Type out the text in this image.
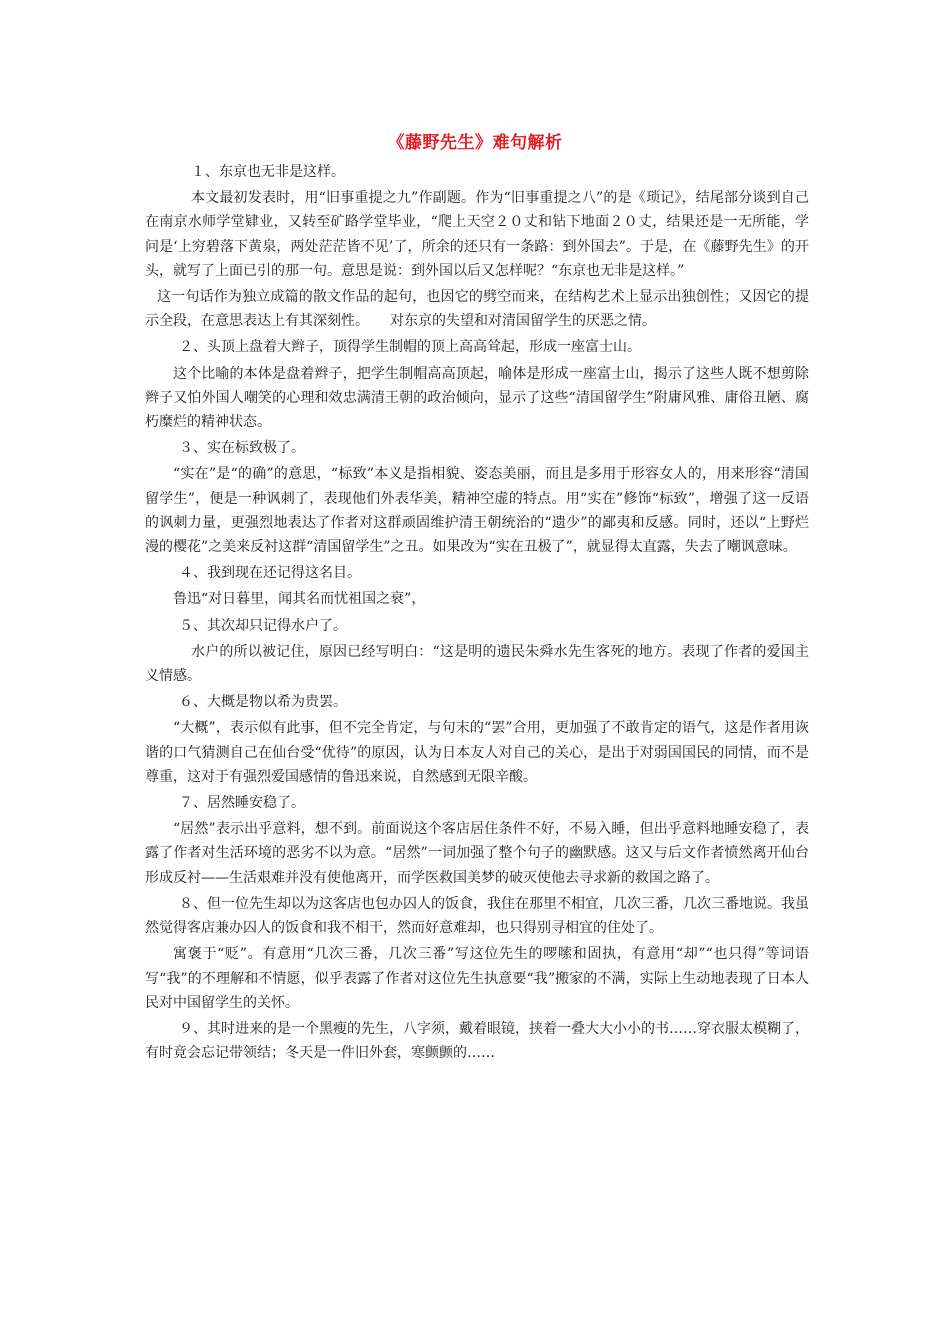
《藤野先生》难句解析

１、东京也无非是这样。

本文最初发表时，用“旧事重提之九”作副题。作为“旧事重提之八”的是《琐记》，结尾部分谈到自己在南京水师学堂肄业，又转至矿路学堂毕业，“爬上天空２０丈和钻下地面２０丈，结果还是一无所能，学问是‘上穷碧落下黄泉，两处茫茫皆不见’了，所余的还只有一条路：到外国去”。于是，在《藤野先生》的开头，就写了上面已引的那一句。意思是说：到外国以后又怎样呢？“东京也无非是这样。”

这一句话作为独立成篇的散文作品的起句，也因它的劈空而来，在结构艺术上显示出独创性；又因它的提示全段，在意思表达上有其深刻性。　　对东京的失望和对清国留学生的厌恶之情。

２、头顶上盘着大辫子，顶得学生制帽的顶上高高耸起，形成一座富士山。

这个比喻的本体是盘着辫子，把学生制帽高高顶起，喻体是形成一座富士山，揭示了这些人既不想剪除辫子又怕外国人嘲笑的心理和效忠满清王朝的政治倾向，显示了这些“清国留学生”附庸风雅、庸俗丑陋、腐朽糜烂的精神状态。

３、实在标致极了。

“实在”是“的确”的意思，“标致”本义是指相貌、姿态美丽，而且是多用于形容女人的，用来形容“清国留学生”，便是一种讽刺了，表现他们外表华美，精神空虚的特点。用“实在”修饰“标致”，增强了这一反语的讽刺力量，更强烈地表达了作者对这群顽固维护清王朝统治的“遗少”的鄙夷和反感。同时，还以“上野烂漫的樱花”之美来反衬这群“清国留学生”之丑。如果改为“实在丑极了”，就显得太直露，失去了嘲讽意味。

４、我到现在还记得这名目。

鲁迅“对日暮里，闻其名而忧祖国之衰”，

５、其次却只记得水户了。

水户的所以被记住，原因已经写明白：“这是明的遗民朱舜水先生客死的地方。表现了作者的爱国主义情感。

６、大概是物以希为贵罢。

“大概”，表示似有此事，但不完全肯定，与句末的“罢”合用，更加强了不敢肯定的语气，这是作者用诙谐的口气猜测自己在仙台受“优待”的原因，认为日本友人对自己的关心，是出于对弱国国民的同情，而不是尊重，这对于有强烈爱国感情的鲁迅来说，自然感到无限辛酸。

７、居然睡安稳了。

“居然”表示出乎意料，想不到。前面说这个客店居住条件不好，不易入睡，但出乎意料地睡安稳了，表露了作者对生活环境的恶劣不以为意。“居然”一词加强了整个句子的幽默感。这又与后文作者愤然离开仙台形成反衬——生活艰难并没有使他离开，而学医救国美梦的破灭使他去寻求新的救国之路了。

８、但一位先生却以为这客店也包办囚人的饭食，我住在那里不相宜，几次三番，几次三番地说。我虽然觉得客店兼办囚人的饭食和我不相干，然而好意难却，也只得别寻相宜的住处了。

寓褒于“贬”。有意用“几次三番，几次三番”写这位先生的啰嗦和固执，有意用“却”“也只得”等词语写“我”的不理解和不情愿，似乎表露了作者对这位先生执意要“我”搬家的不满，实际上生动地表现了日本人民对中国留学生的关怀。

９、其时进来的是一个黑瘦的先生，八字须，戴着眼镜，挟着一叠大大小小的书……穿衣服太模糊了，有时竟会忘记带领结；冬天是一件旧外套，寒颤颤的……
